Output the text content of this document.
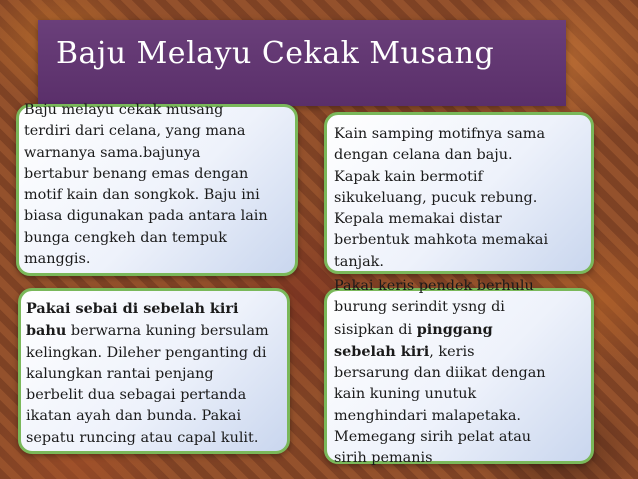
Baju Melayu Cekak Musang
Baju melayu cekak musang
terdiri dari celana, yang mana
warnanya sama.bajunya
bertabur benang emas dengan
motif kain dan songkok. Baju ini
biasa digunakan pada antara lain
bunga cengkeh dan tempuk
manggis.
Kain samping motifnya sama
dengan celana dan baju.
Kapak kain bermotif
sikukeluang, pucuk rebung.
Kepala memakai distar
berbentuk mahkota memakai
tanjak.
Pakai sebai di sebelah kiri
bahu berwarna kuning bersulam
kelingkan. Dileher penganting di
kalungkan rantai penjang
berbelit dua sebagai pertanda
ikatan ayah dan bunda. Pakai
sepatu runcing atau capal kulit.
Pakai keris pendek berhulu
burung serindit ysng di
sisipkan di pinggang
sebelah kiri, keris
bersarung dan diikat dengan
kain kuning unutuk
menghindari malapetaka.
Memegang sirih pelat atau
sirih pemanis
